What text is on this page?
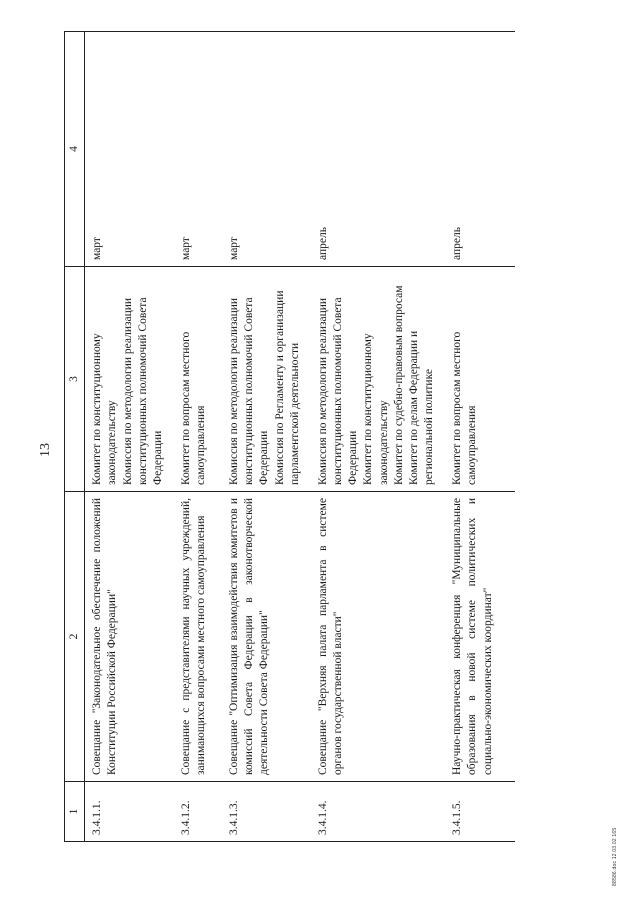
13
1	2	3	4
3.4.1.1.	Совещание "Законодательное обеспечение положений Конституции Российской Федерации"	Комитет по конституционному законодательству Комиссия по методологии реализации конституционных полномочий Совета Федерации	март
3.4.1.2.	Совещание с представителями научных учреждений, занимающихся вопросами местного самоуправления	Комитет по вопросам местного самоуправления	март
3.4.1.3.	Совещание "Оптимизация взаимодействия комитетов и комиссий Совета Федерации в законотворческой деятельности Совета Федерации"	Комиссия по методологии реализации конституционных полномочий Совета Федерации Комиссия по Регламенту и организации парламентской деятельности	март
3.4.1.4.	Совещание "Верхняя палата парламента в системе органов государственной власти"	Комиссия по методологии реализации конституционных полномочий Совета Федерации Комитет по конституционному законодательству Комитет по судебно-правовым вопросам Комитет по делам Федерации и региональной политике	апрель
3.4.1.5.	Научно-практическая конференция "Муниципальные образования в новой системе политических и социально-экономических координат"	Комитет по вопросам местного самоуправления	апрель
88586.doc 12.03.02 165
